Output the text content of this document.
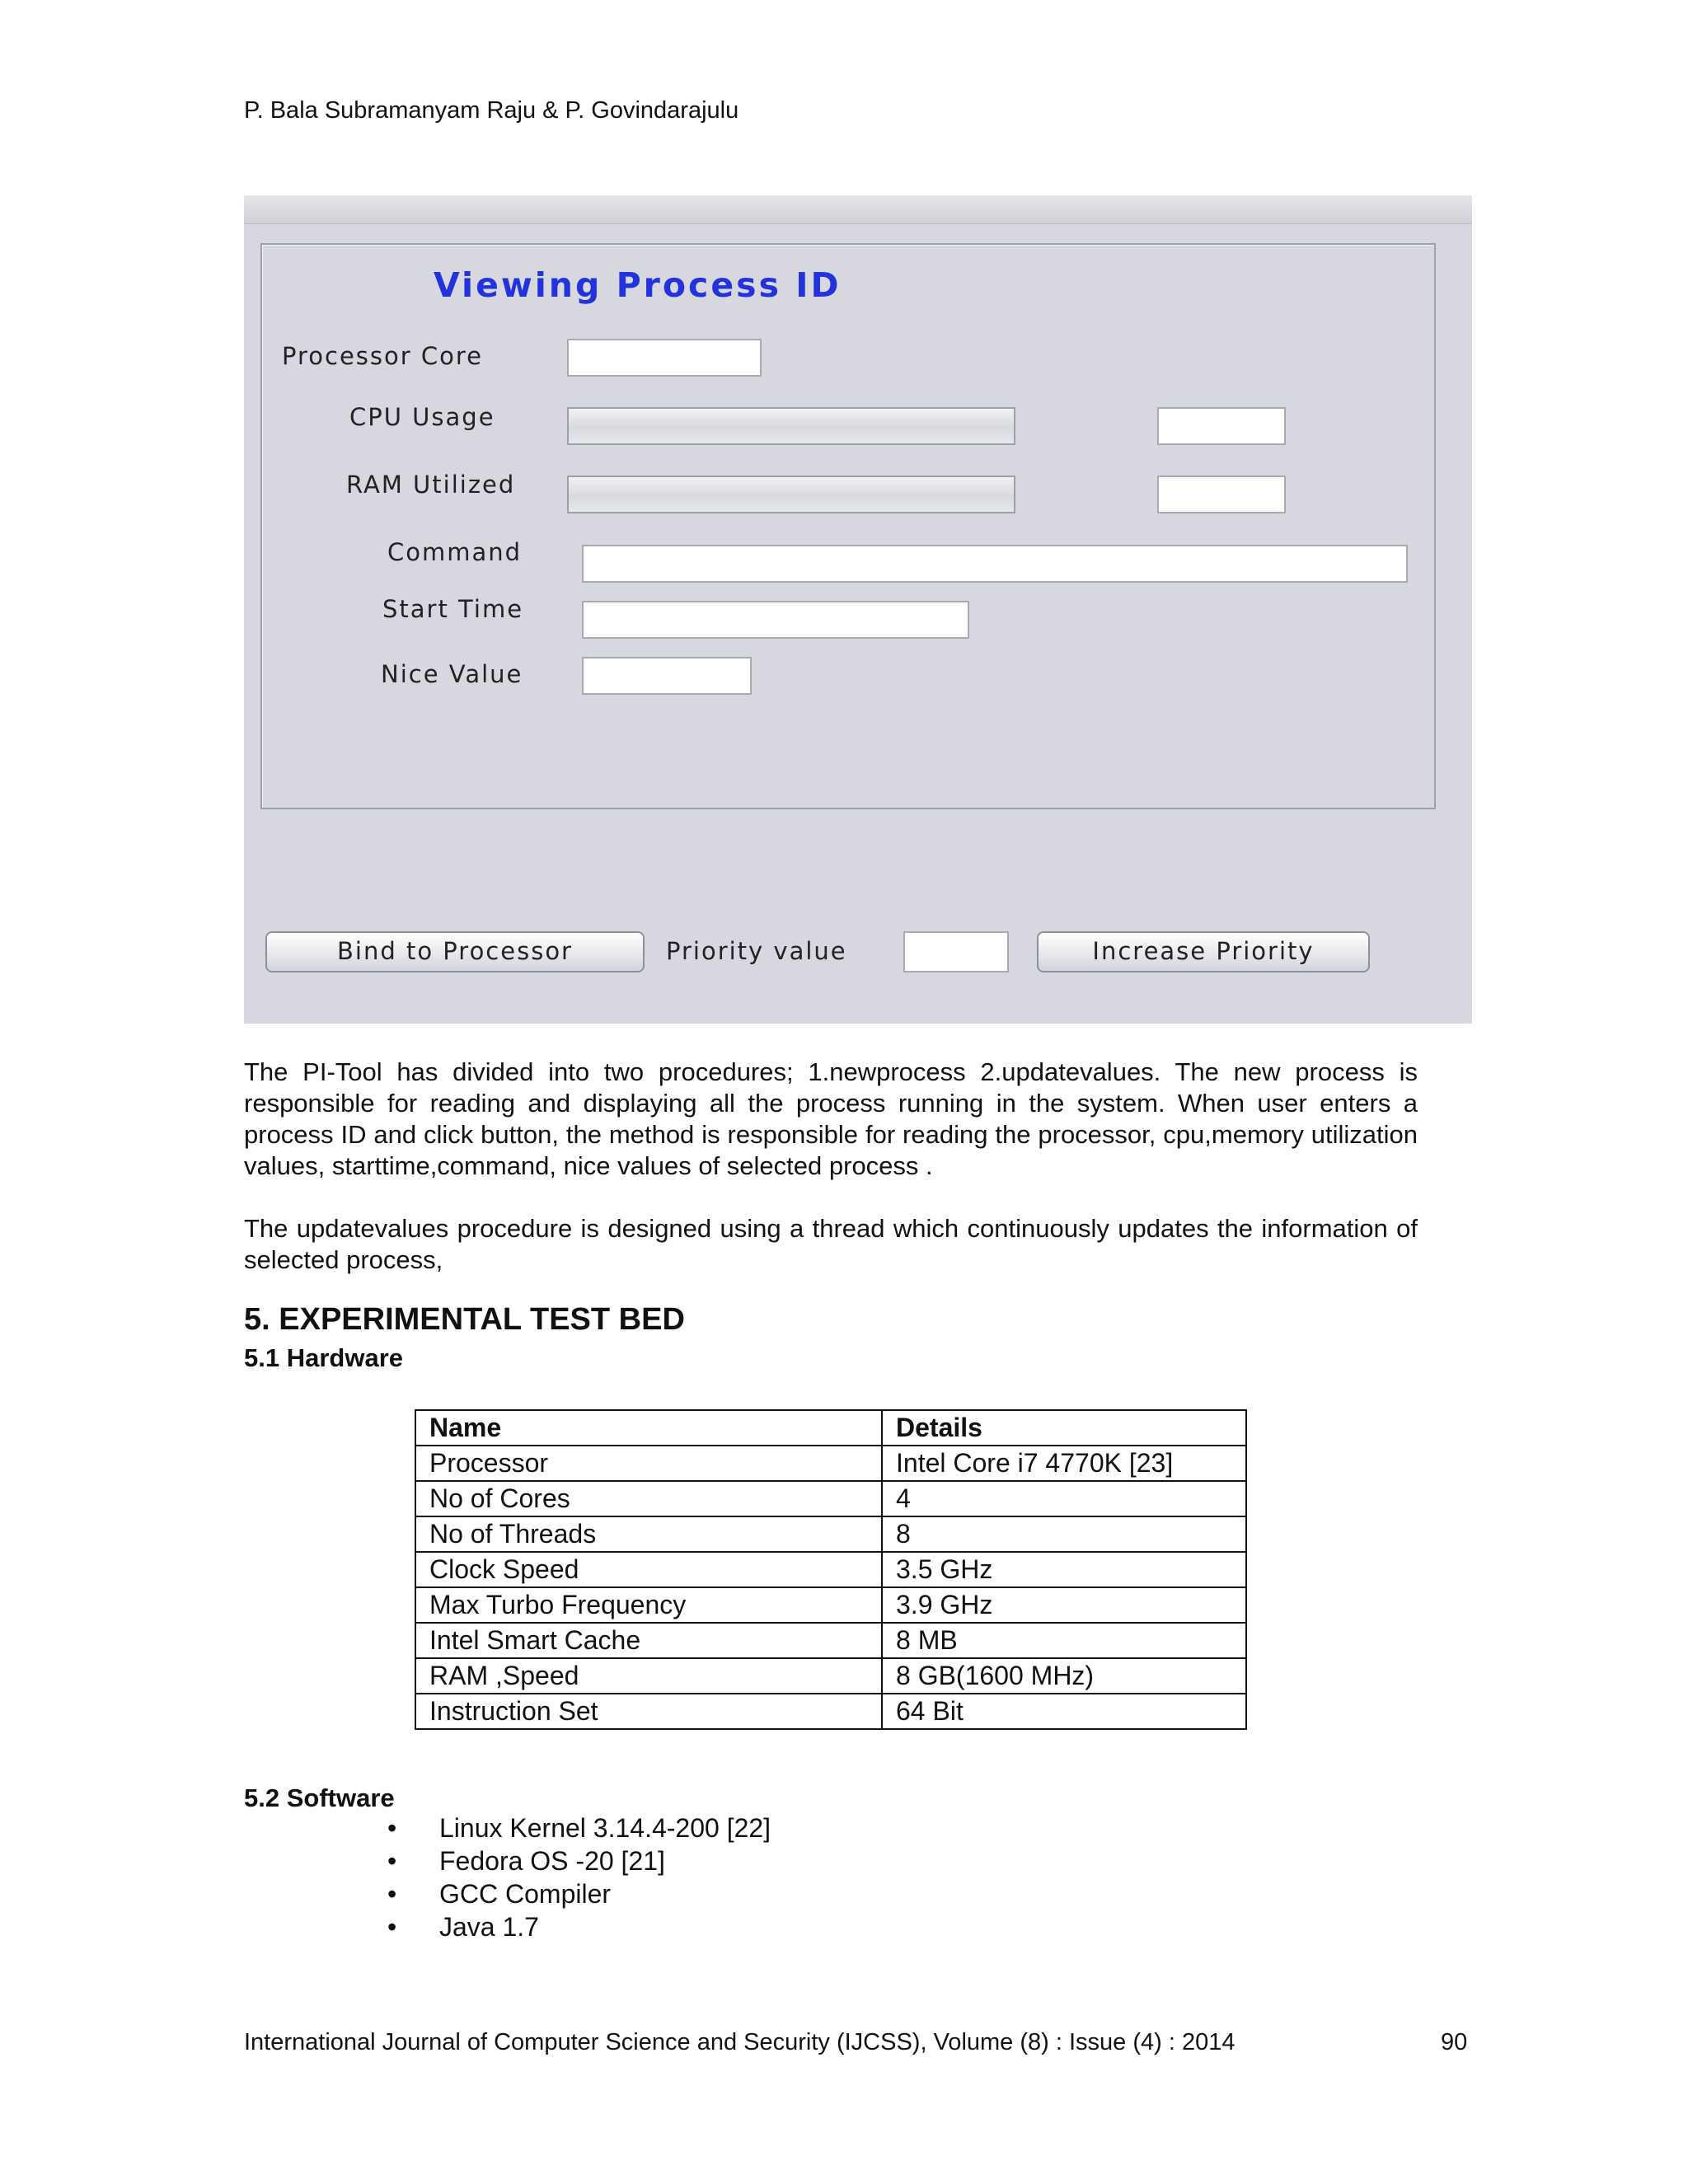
P. Bala Subramanyam Raju & P. Govindarajulu
Viewing Process ID
Processor Core
CPU Usage
RAM Utilized
Command
Start Time
Nice Value
Bind to Processor	Priority value	Increase Priority
The PI-Tool has divided into two procedures; 1.newprocess 2.updatevalues. The new process is responsible for reading and displaying all the process running in the system. When user enters a process ID and click button, the method is responsible for reading the processor, cpu,memory utilization values, starttime,command, nice values of selected process .
The updatevalues procedure is designed using a thread which continuously updates the information of selected process,
5. EXPERIMENTAL TEST BED
5.1 Hardware
Name	Details
Processor	Intel Core i7 4770K [23]
No of Cores	4
No of Threads	8
Clock Speed	3.5 GHz
Max Turbo Frequency	3.9 GHz
Intel Smart Cache	8 MB
RAM ,Speed	8 GB(1600 MHz)
Instruction Set	64 Bit
5.2 Software
• Linux Kernel 3.14.4-200 [22]
• Fedora OS -20 [21]
• GCC Compiler
• Java 1.7
International Journal of Computer Science and Security (IJCSS), Volume (8) : Issue (4) : 2014	90
